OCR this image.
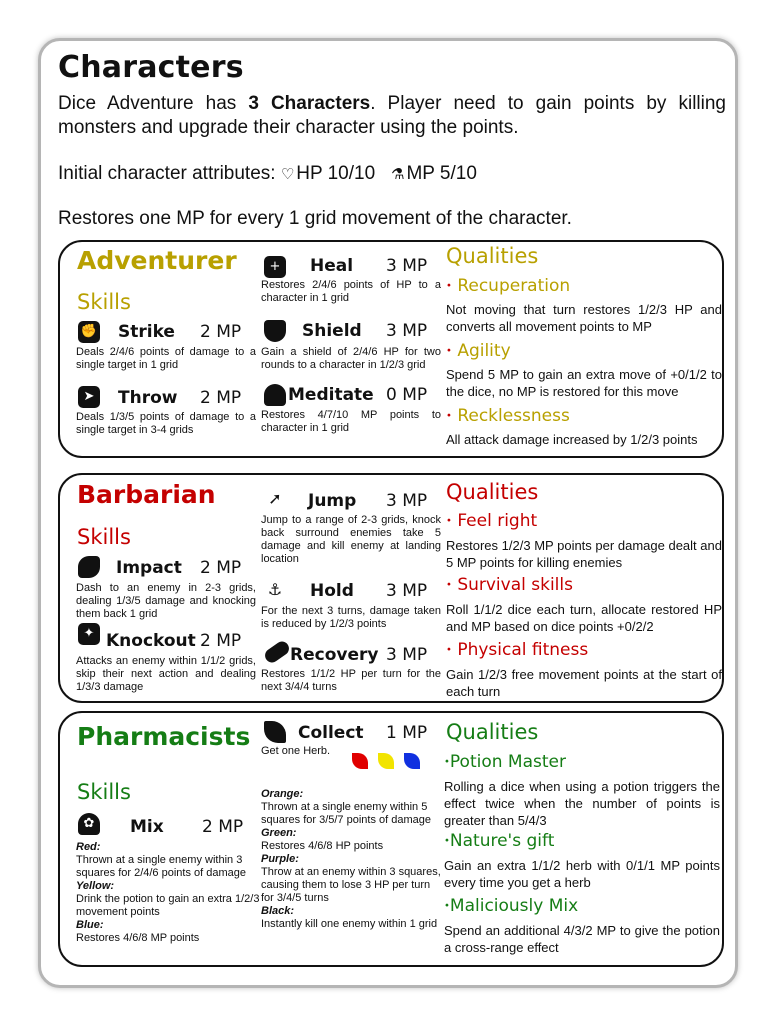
Characters
Dice Adventure has 3 Characters. Player need to gain points by killing monsters and upgrade their character using the points.
Initial character attributes: ♡ HP 10/10 ⚗ MP 5/10
Restores one MP for every 1 grid movement of the character.
Adventurer
Skills
✊ Strike 2 MP
Deals 2/4/6 points of damage to a single target in 1 grid
➤	Throw 2 MP
Deals 1/3/5 points of damage to a single target in 3-4 grids
+	Heal 3 MP
Restores 2/4/6 points of HP to a character in 1 grid
Shield 3 MP
Gain a shield of 2/4/6 HP for two rounds to a character in 1/2/3 grid
Meditate 0 MP
Restores 4/7/10 MP points to character in 1 grid
Qualities
• Recuperation
Not moving that turn restores 1/2/3 HP and converts all movement points to MP
• Agility
Spend 5 MP to gain an extra move of +0/1/2 to the dice, no MP is restored for this move
• Recklessness
All attack damage increased by 1/2/3 points
Barbarian
Skills
Impact 2 MP
Dash to an enemy in 2-3 grids, dealing 1/3/5 damage and knocking them back 1 grid
✦ Knockout 2 MP
Attacks an enemy within 1/1/2 grids, skip their next action and dealing 1/3/3 damage
➚ Jump 3 MP
Jump to a range of 2-3 grids, knock back surround enemies take 5 damage and kill enemy at landing location
⚓ Hold 3 MP
For the next 3 turns, damage taken is reduced by 1/2/3 points
Recovery 3 MP
Restores 1/1/2 HP per turn for the next 3/4/4 turns
Qualities
• Feel right
Restores 1/2/3 MP points per damage dealt and 5 MP points for killing enemies
• Survival skills
Roll 1/1/2 dice each turn, allocate restored HP and MP based on dice points +0/2/2
• Physical fitness
Gain 1/2/3 free movement points at the start of each turn
Pharmacists
Skills
✿	Mix 2 MP
Red:
Thrown at a single enemy within 3 squares for 2/4/6 points of damage
Yellow:
Drink the potion to gain an extra 1/2/3 movement points
Blue:
Restores 4/6/8 MP points
Collect 1 MP
Get one Herb.
Orange:
Thrown at a single enemy within 5 squares for 3/5/7 points of damage
Green:
Restores 4/6/8 HP points
Purple:
Throw at an enemy within 3 squares, causing them to lose 3 HP per turn for 3/4/5 turns
Black:
Instantly kill one enemy within 1 grid
Qualities
•Potion Master
Rolling a dice when using a potion triggers the effect twice when the number of points is greater than 5/4/3
•Nature's gift
Gain an extra 1/1/2 herb with 0/1/1 MP points every time you get a herb
•Maliciously Mix
Spend an additional 4/3/2 MP to give the potion a cross-range effect
